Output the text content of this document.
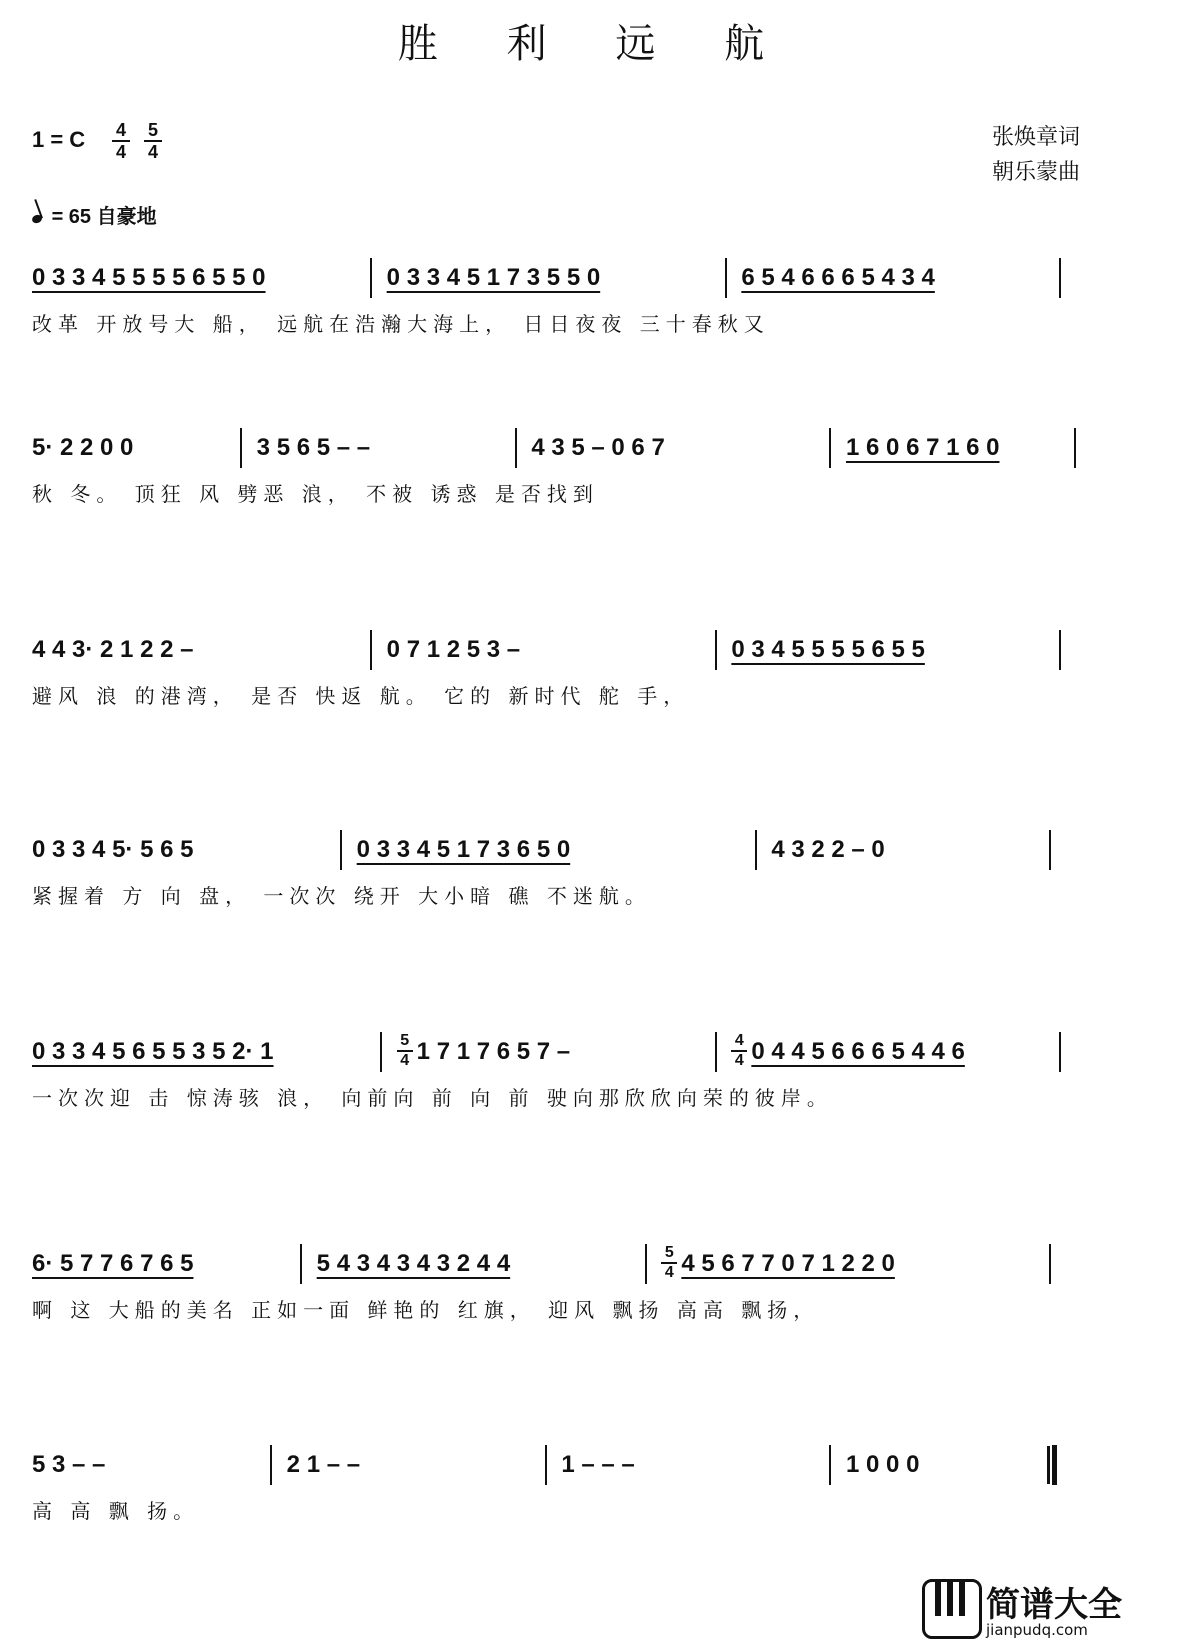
胜 利 远 航
1 = C 4
4
5
4
张焕章词
朝乐蒙曲
= 65 自豪地
0 3 3 4 5 5 5 5 6 5 5 0	0 3 3 4 5 1 7 3 5 5 0	6 5 4 6 6 6 5 4 3 4
改革 开放号大 船， 远航在浩瀚大海上， 日日夜夜 三十春秋又
5· 2 2 0 0	3 5 6 5 – –	4 3 5 – 0 6 7	1 6 0 6 7 1 6 0
秋 冬。 顶狂 风 劈恶 浪， 不被 诱惑 是否找到
4 4 3· 2 1 2 2 –	0 7 1 2 5 3 –	0 3 4 5 5 5 5 6 5 5
避风 浪 的港湾， 是否 快返 航。 它的 新时代 舵 手，
0 3 3 4 5· 5 6 5	0 3 3 4 5 1 7 3 6 5 0	4 3 2 2 – 0
紧握着 方 向 盘， 一次次 绕开 大小暗 礁 不迷航。
0 3 3 4 5 6 5 5 3 5 2· 1	$\frac{5}{4} 1$ 7 1 7 6 5 7 –	$\frac{4}{4} 0$ 4 4 5 6 6 6 5 4 4 6
一次次迎 击 惊涛骇 浪， 向前向 前 向 前 驶向那欣欣向荣的彼岸。
6· 5 7 7 6 7 6 5	5 4 3 4 3 4 3 2 4 4	$\frac{5}{4} 4$ 5 6 7 7 0 7 1 2 2 0
啊 这 大船的美名 正如一面 鲜艳的 红旗， 迎风 飘扬 高高 飘扬，
5 3 – –	2 1 – –	1 – – –	1 0 0 0
高 高 飘 扬。
简谱大全
jianpudq.com
